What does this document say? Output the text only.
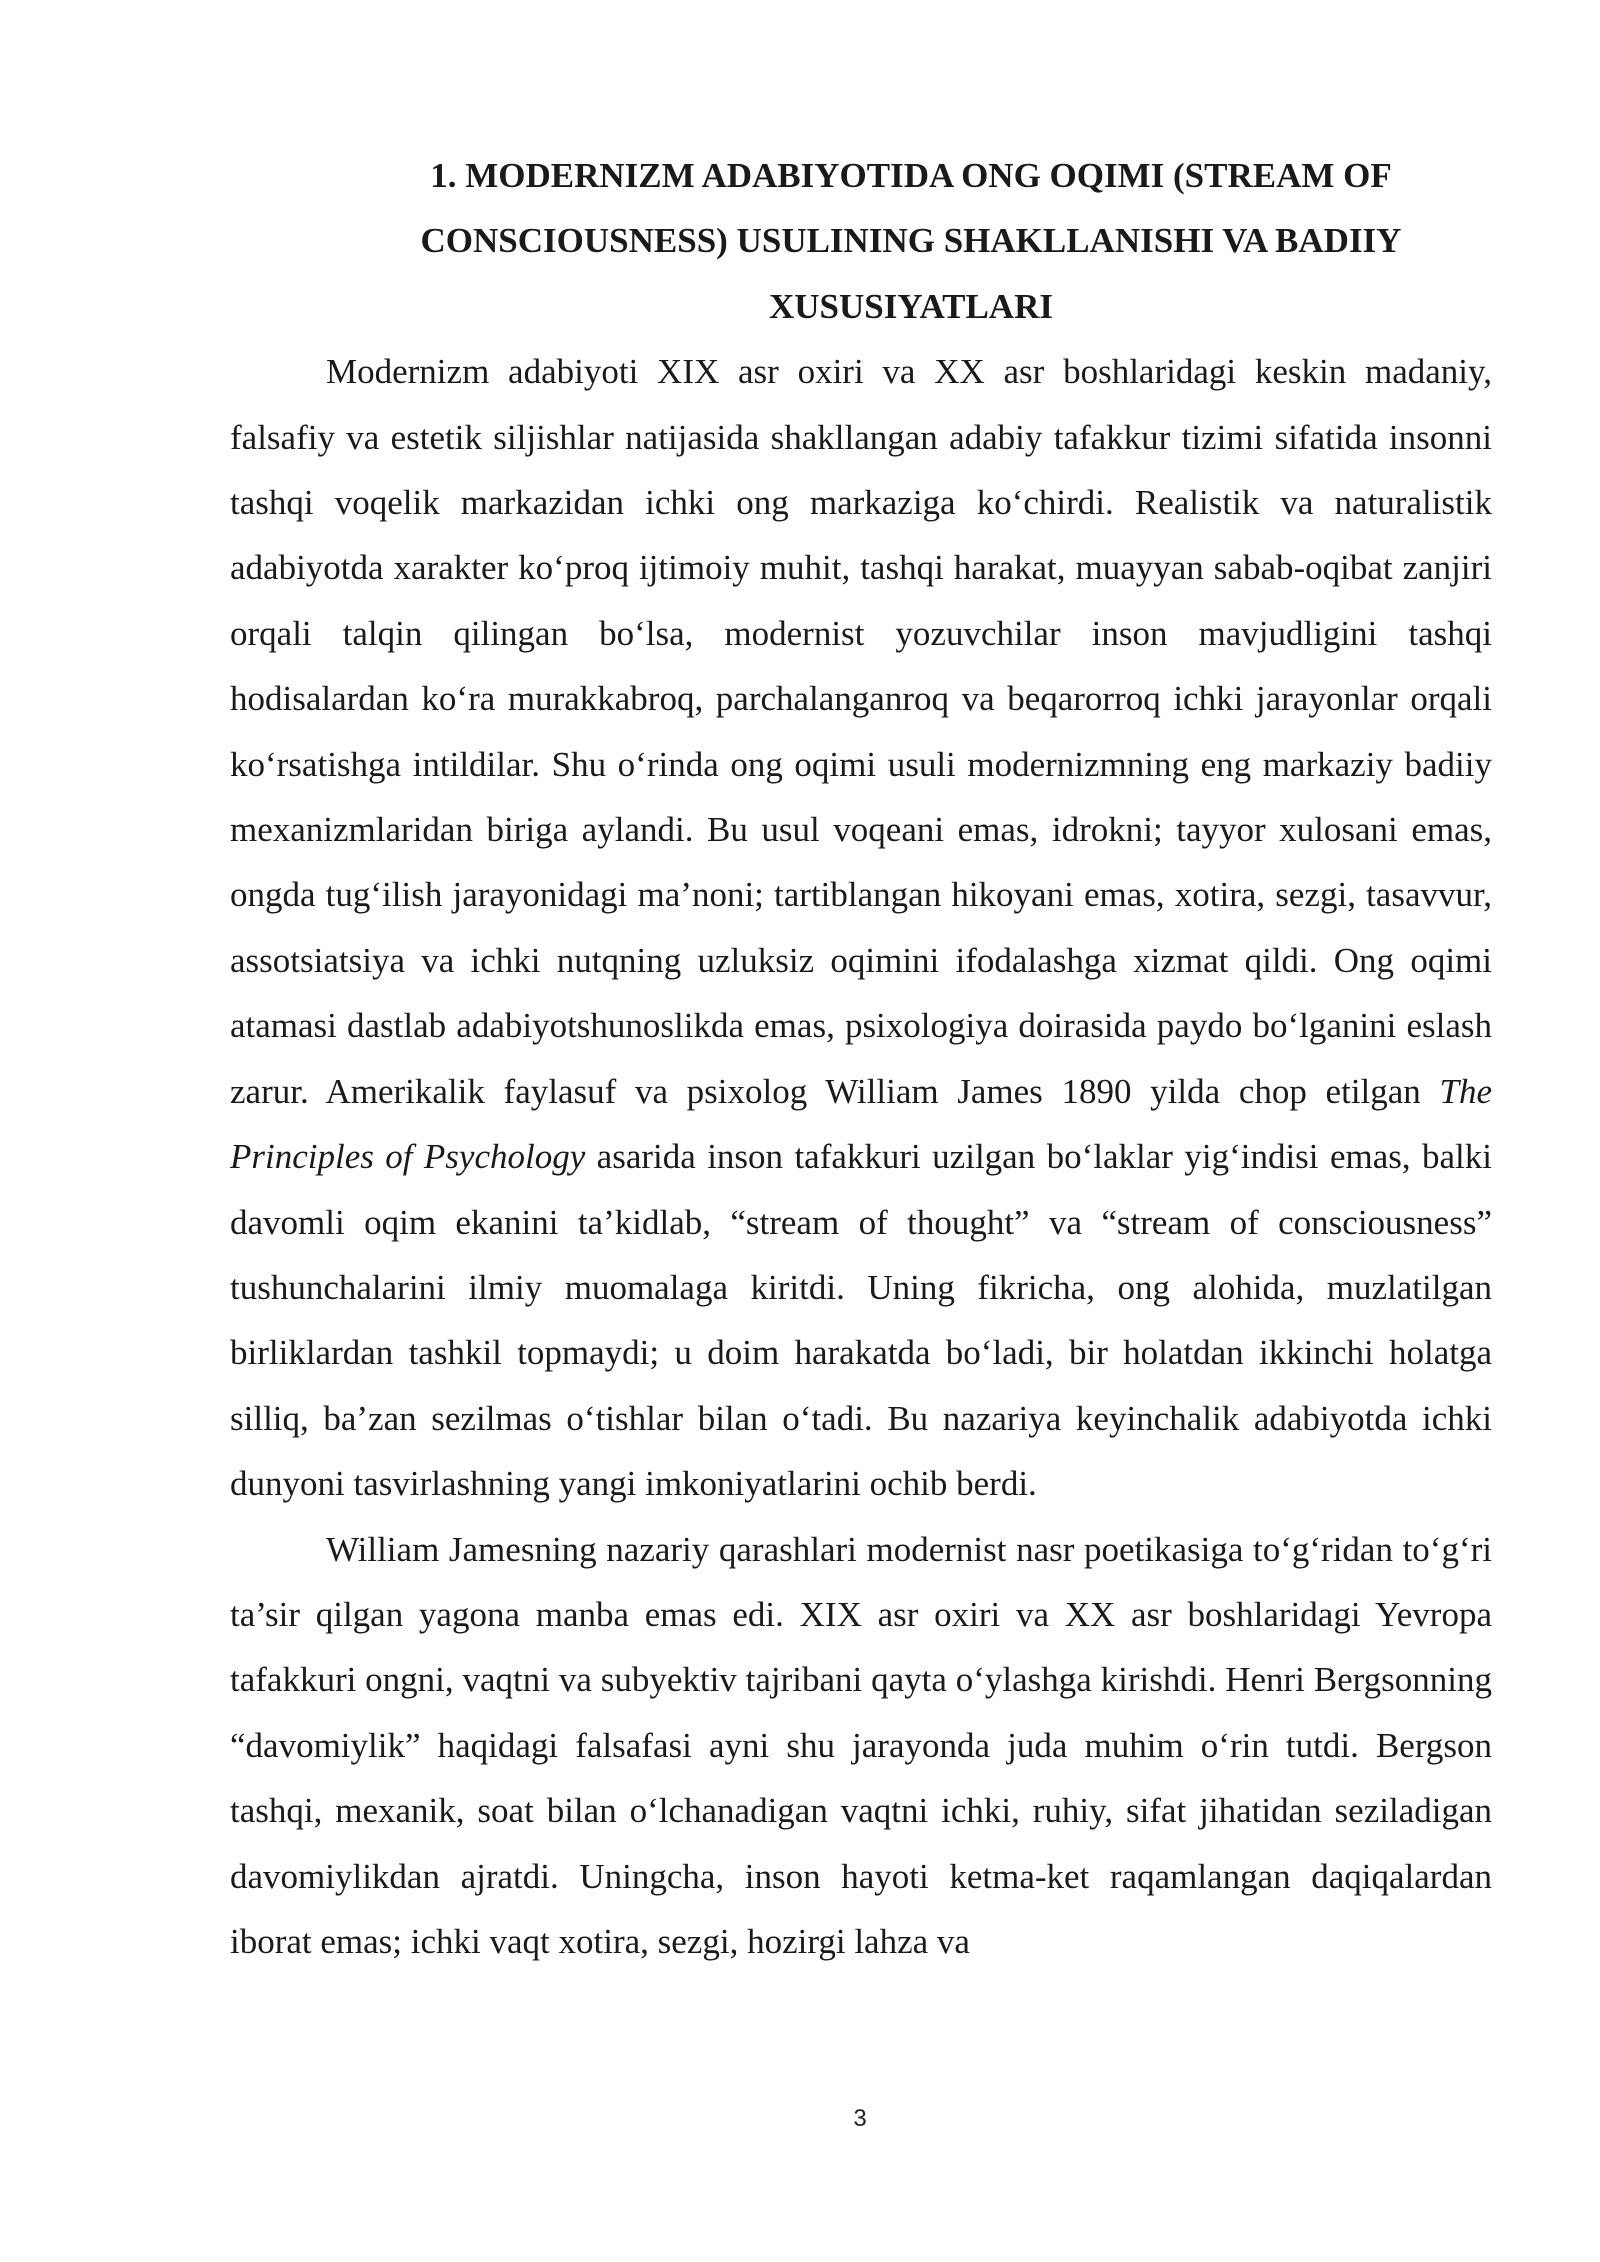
1. MODERNIZM ADABIYOTIDA ONG OQIMI (STREAM OF CONSCIOUSNESS) USULINING SHAKLLANISHI VA BADIIY XUSUSIYATLARI

Modernizm adabiyoti XIX asr oxiri va XX asr boshlaridagi keskin madaniy, falsafiy va estetik siljishlar natijasida shakllangan adabiy tafakkur tizimi sifatida insonni tashqi voqelik markazidan ichki ong markaziga ko‘chirdi. Realistik va naturalistik adabiyotda xarakter ko‘proq ijtimoiy muhit, tashqi harakat, muayyan sabab-oqibat zanjiri orqali talqin qilingan bo‘lsa, modernist yozuvchilar inson mavjudligini tashqi hodisalardan ko‘ra murakkabroq, parchalanganroq va beqarorroq ichki jarayonlar orqali ko‘rsatishga intildilar. Shu o‘rinda ong oqimi usuli modernizmning eng markaziy badiiy mexanizmlaridan biriga aylandi. Bu usul voqeani emas, idrokni; tayyor xulosani emas, ongda tug‘ilish jarayonidagi ma’noni; tartiblangan hikoyani emas, xotira, sezgi, tasavvur, assotsiatsiya va ichki nutqning uzluksiz oqimini ifodalashga xizmat qildi. Ong oqimi atamasi dastlab adabiyotshunoslikda emas, psixologiya doirasida paydo bo‘lganini eslash zarur. Amerikalik faylasuf va psixolog William James 1890 yilda chop etilgan The Principles of Psychology asarida inson tafakkuri uzilgan bo‘laklar yig‘indisi emas, balki davomli oqim ekanini ta’kidlab, “stream of thought” va “stream of consciousness” tushunchalarini ilmiy muomalaga kiritdi. Uning fikricha, ong alohida, muzlatilgan birliklardan tashkil topmaydi; u doim harakatda bo‘ladi, bir holatdan ikkinchi holatga silliq, ba’zan sezilmas o‘tishlar bilan o‘tadi. Bu nazariya keyinchalik adabiyotda ichki dunyoni tasvirlashning yangi imkoniyatlarini ochib berdi.

William Jamesning nazariy qarashlari modernist nasr poetikasiga to‘g‘ridan to‘g‘ri ta’sir qilgan yagona manba emas edi. XIX asr oxiri va XX asr boshlaridagi Yevropa tafakkuri ongni, vaqtni va subyektiv tajribani qayta o‘ylashga kirishdi. Henri Bergsonning “davomiylik” haqidagi falsafasi ayni shu jarayonda juda muhim o‘rin tutdi. Bergson tashqi, mexanik, soat bilan o‘lchanadigan vaqtni ichki, ruhiy, sifat jihatidan seziladigan davomiylikdan ajratdi. Uningcha, inson hayoti ketma-ket raqamlangan daqiqalardan iborat emas; ichki vaqt xotira, sezgi, hozirgi lahza va

3
